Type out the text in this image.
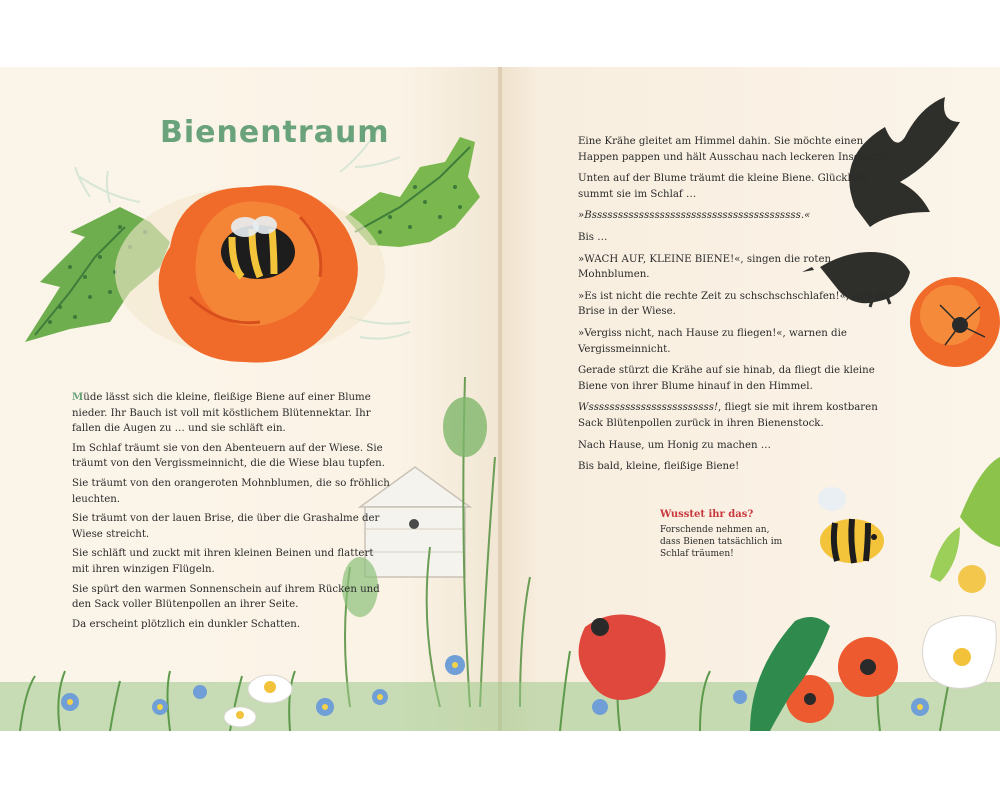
Bienentraum

Müde lässt sich die kleine, fleißige Biene auf einer Blume nieder. Ihr Bauch ist voll mit köstlichem Blütennektar. Ihr fallen die Augen zu … und sie schläft ein.

Im Schlaf träumt sie von den Abenteuern auf der Wiese. Sie träumt von den Vergissmeinnicht, die die Wiese blau tupfen.

Sie träumt von den orangeroten Mohnblumen, die so fröhlich leuchten.

Sie träumt von der lauen Brise, die über die Grashalme der Wiese streicht.

Sie schläft und zuckt mit ihren kleinen Beinen und flattert mit ihren winzigen Flügeln.

Sie spürt den warmen Sonnenschein auf ihrem Rücken und den Sack voller Blütenpollen an ihrer Seite.

Da erscheint plötzlich ein dunkler Schatten.

Eine Krähe gleitet am Himmel dahin. Sie möchte einen Happen pappen und hält Ausschau nach leckeren Insekten!

Unten auf der Blume träumt die kleine Biene. Glücklich summt sie im Schlaf …

»Bssssssssssssssssssssssssssssssssssssssss.«

Bis …

»WACH AUF, KLEINE BIENE!«, singen die roten Mohnblumen.

»Es ist nicht die rechte Zeit zu schschschschlafen!«, ruft die Brise in der Wiese.

»Vergiss nicht, nach Hause zu fliegen!«, warnen die Vergissmeinnicht.

Gerade stürzt die Krähe auf sie hinab, da fliegt die kleine Biene von ihrer Blume hinauf in den Himmel.

Wssssssssssssssssssssssss!, fliegt sie mit ihrem kostbaren Sack Blütenpollen zurück in ihren Bienenstock.

Nach Hause, um Honig zu machen …

Bis bald, kleine, fleißige Biene!

Wusstet ihr das?

Forschende nehmen an, dass Bienen tatsächlich im Schlaf träumen!
